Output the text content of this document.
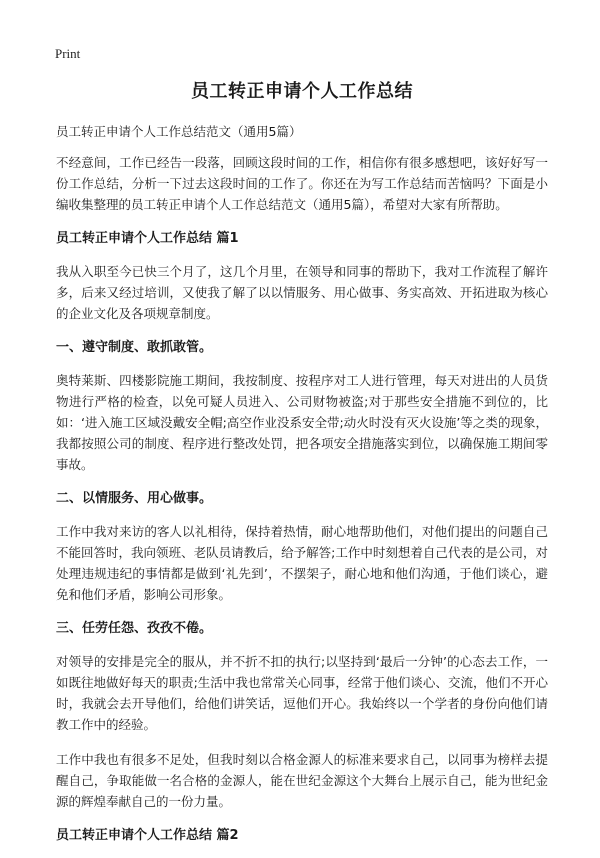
Print
员工转正申请个人工作总结
员工转正申请个人工作总结范文（通用5篇）

不经意间，工作已经告一段落，回顾这段时间的工作，相信你有很多感想吧，该好好写一份工作总结，分析一下过去这段时间的工作了。你还在为写工作总结而苦恼吗？下面是小编收集整理的员工转正申请个人工作总结范文（通用5篇），希望对大家有所帮助。

员工转正申请个人工作总结 篇1

我从入职至今已快三个月了，这几个月里，在领导和同事的帮助下，我对工作流程了解许多，后来又经过培训，又使我了解了以以情服务、用心做事、务实高效、开拓进取为核心的企业文化及各项规章制度。

一、遵守制度、敢抓敢管。

奥特莱斯、四楼影院施工期间，我按制度、按程序对工人进行管理，每天对进出的人员货物进行严格的检查，以免可疑人员进入、公司财物被盗;对于那些安全措施不到位的，比如：‘进入施工区域没戴安全帽;高空作业没系安全带;动火时没有灭火设施’等之类的现象，我都按照公司的制度、程序进行整改处罚，把各项安全措施落实到位，以确保施工期间零事故。

二、以情服务、用心做事。

工作中我对来访的客人以礼相待，保持着热情，耐心地帮助他们，对他们提出的问题自己不能回答时，我向领班、老队员请教后，给予解答;工作中时刻想着自己代表的是公司，对处理违规违纪的事情都是做到‘礼先到’，不摆架子，耐心地和他们沟通，于他们谈心，避免和他们矛盾，影响公司形象。

三、任劳任怨、孜孜不倦。

对领导的安排是完全的服从，并不折不扣的执行;以坚持到‘最后一分钟’的心态去工作，一如既往地做好每天的职责;生活中我也常常关心同事，经常于他们谈心、交流，他们不开心时，我就会去开导他们，给他们讲笑话，逗他们开心。我始终以一个学者的身份向他们请教工作中的经验。

工作中我也有很多不足处，但我时刻以合格金源人的标准来要求自己，以同事为榜样去提醒自己，争取能做一名合格的金源人，能在世纪金源这个大舞台上展示自己，能为世纪金源的辉煌奉献自己的一份力量。

员工转正申请个人工作总结 篇2
